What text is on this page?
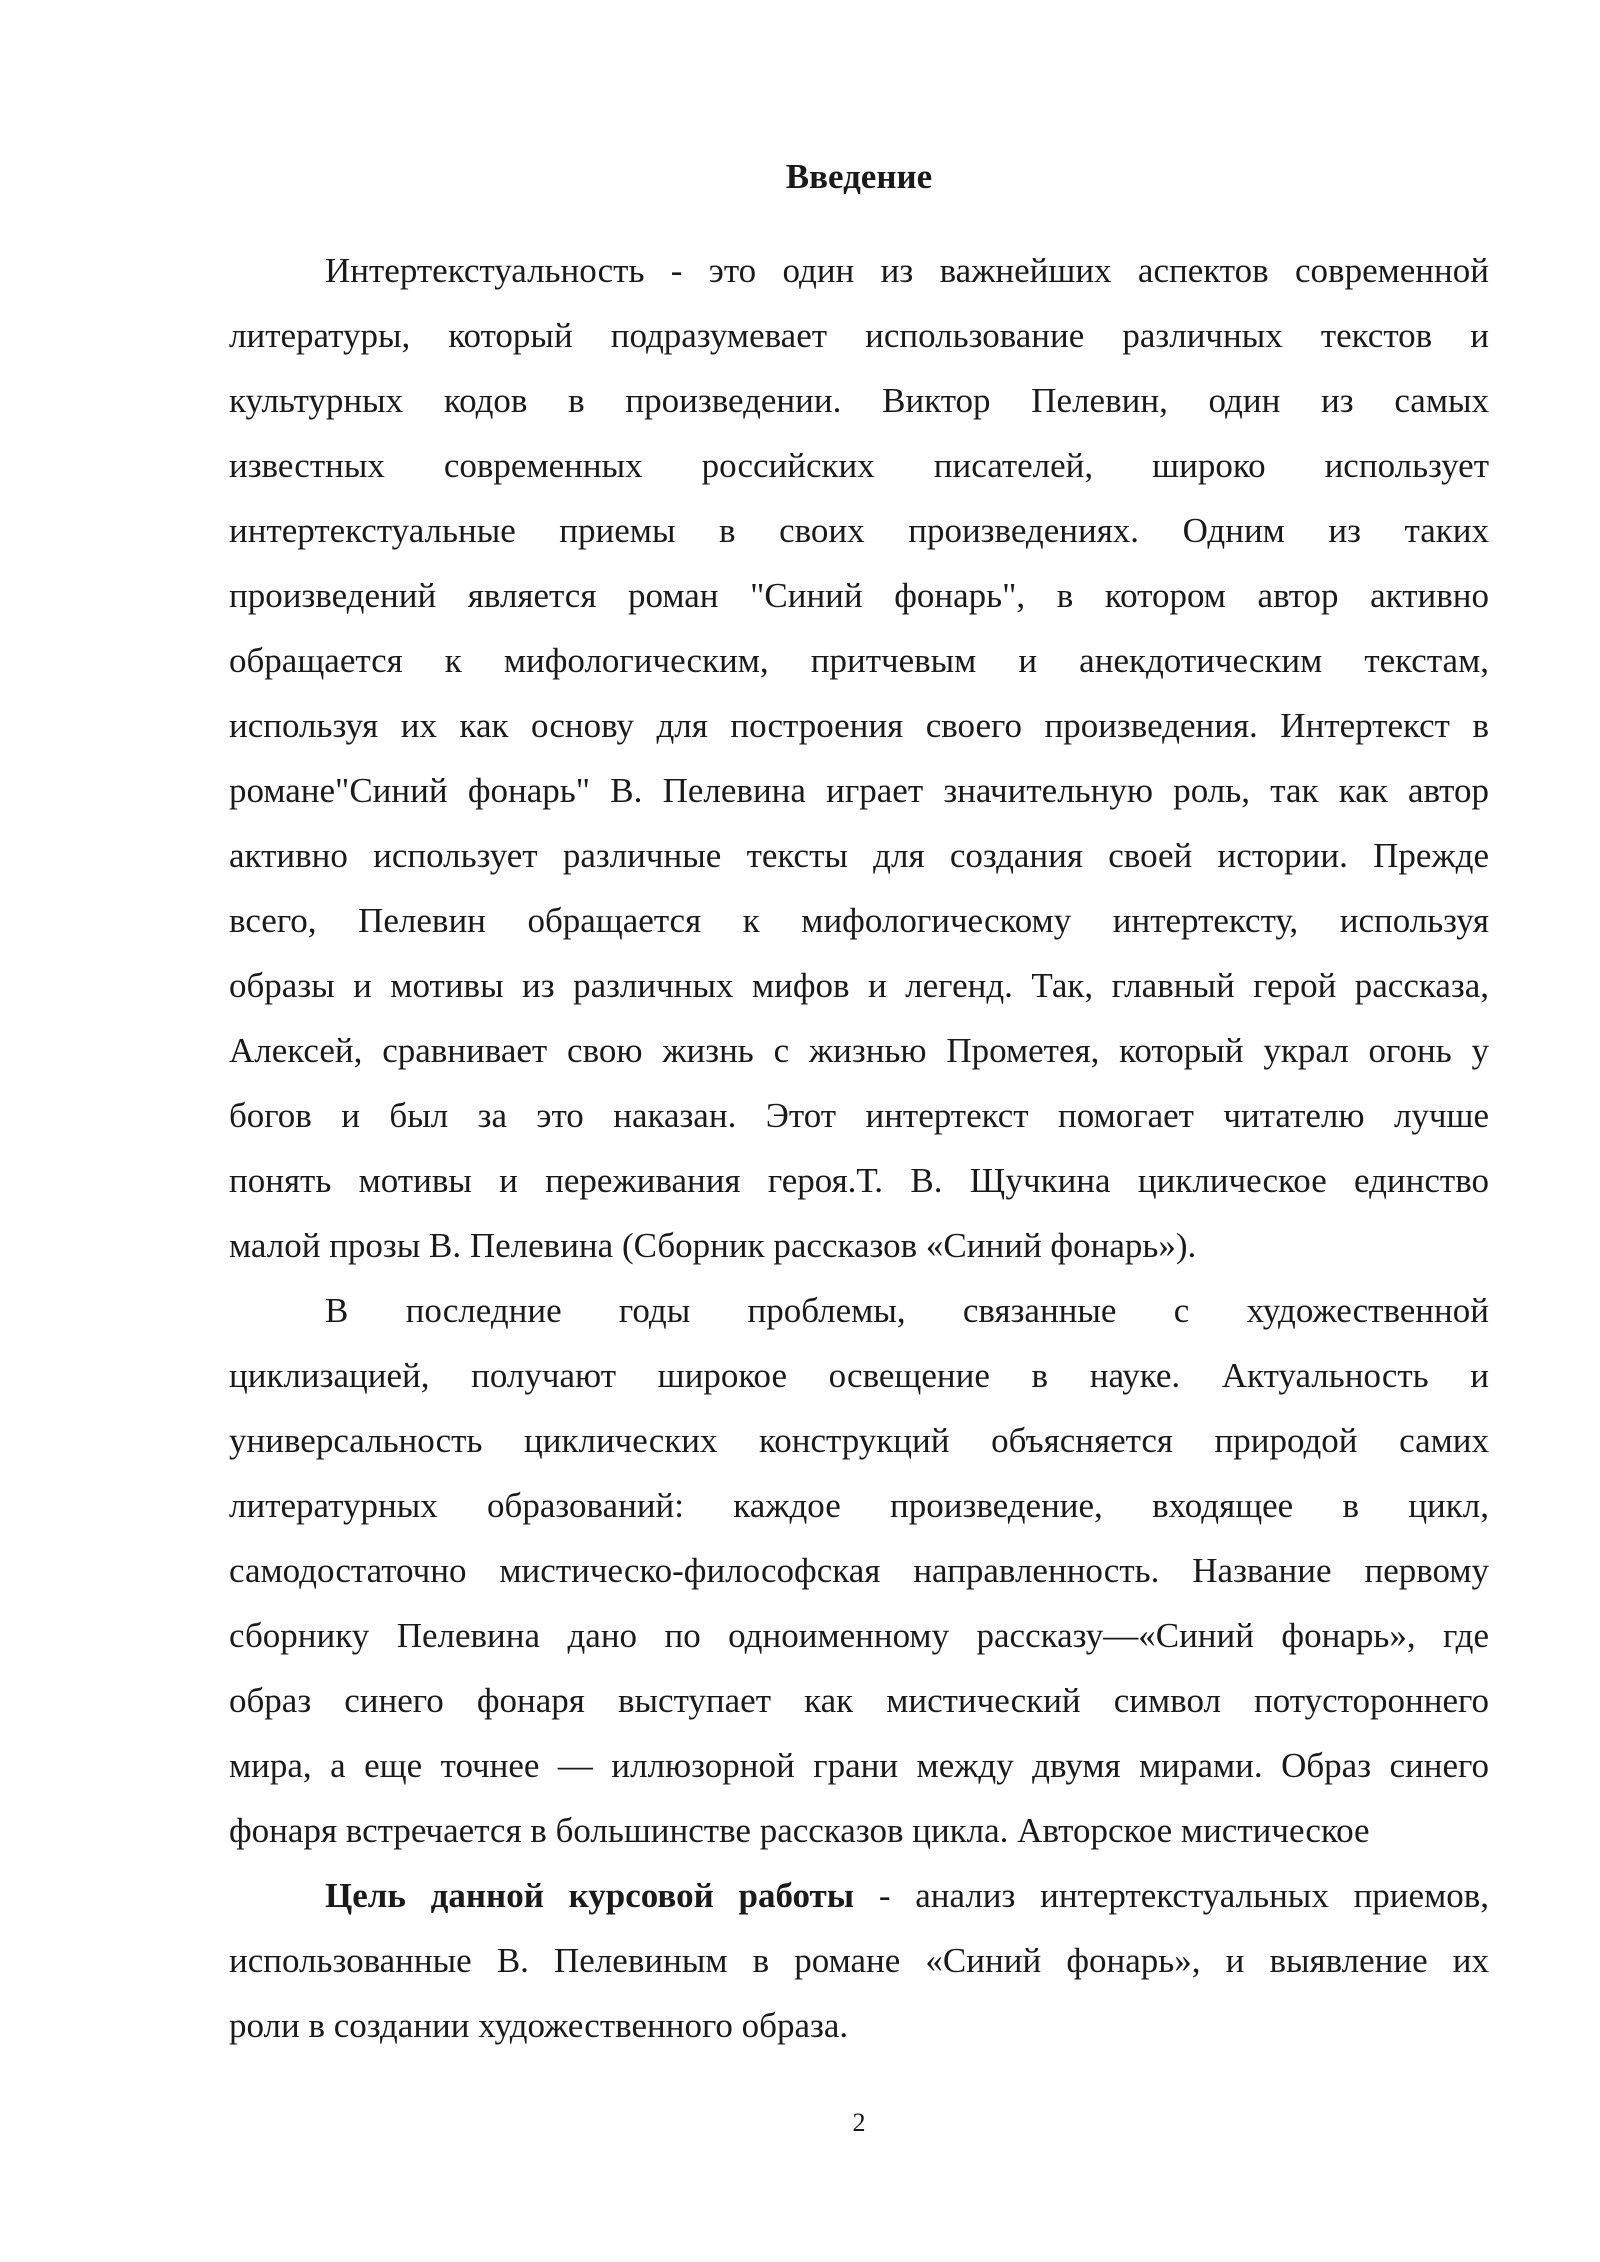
Введение
Интертекстуальность - это один из важнейших аспектов современной
литературы, который подразумевает использование различных текстов и
культурных кодов в произведении. Виктор Пелевин, один из самых
известных современных российских писателей, широко использует
интертекстуальные приемы в своих произведениях. Одним из таких
произведений является роман "Синий фонарь", в котором автор активно
обращается к мифологическим, притчевым и анекдотическим текстам,
используя их как основу для построения своего произведения. Интертекст в
романе"Синий фонарь" В. Пелевина играет значительную роль, так как автор
активно использует различные тексты для создания своей истории. Прежде
всего, Пелевин обращается к мифологическому интертексту, используя
образы и мотивы из различных мифов и легенд. Так, главный герой рассказа,
Алексей, сравнивает свою жизнь с жизнью Прометея, который украл огонь у
богов и был за это наказан. Этот интертекст помогает читателю лучше
понять мотивы и переживания героя.Т. В. Щучкина циклическое единство
малой прозы В. Пелевина (Сборник рассказов «Синий фонарь»).
В последние годы проблемы, связанные с художественной
циклизацией, получают широкое освещение в науке. Актуальность и
универсальность циклических конструкций объясняется природой самих
литературных образований: каждое произведение, входящее в цикл,
самодостаточно мистическо-философская направленность. Название первому
сборнику Пелевина дано по одноименному рассказу—«Синий фонарь», где
образ синего фонаря выступает как мистический символ потустороннего
мира, а еще точнее — иллюзорной грани между двумя мирами. Образ синего
фонаря встречается в большинстве рассказов цикла. Авторское мистическое
Цель данной курсовой работы - анализ интертекстуальных приемов,
использованные В. Пелевиным в романе «Синий фонарь», и выявление их
роли в создании художественного образа.
2
